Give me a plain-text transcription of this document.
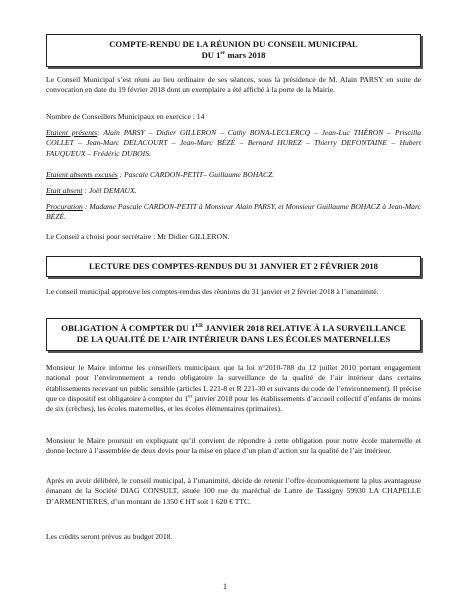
COMPTE-RENDU DE LA RÉUNION DU CONSEIL MUNICIPAL
DU 1er mars 2018
Le Conseil Municipal s’est réuni au lieu ordinaire de ses séances, sous la présidence de M. Alain PARSY en suite de convocation en date du 19 février 2018 dont un exemplaire a été affiché à la porte de la Mairie.
Nombre de Conseillers Municipaux en exercice : 14
Etaient présents: Alain PARSY – Didier GILLERON – Cathy BONA-LECLERCQ – Jean-Luc THÉRON – Priscilla COLLET – Jean-Marc DELACOURT – Jean-Marc BÉZÉ – Bernard HUREZ – Thierry DEFONTAINE – Hubert FAUQUEUX – Frédéric DUBOIS.
Etaient absents excusés : Pascale CARDON-PETIT– Guillaume BOHACZ.
Etait absent : Joël DEMAUX.
Procuration : Madame Pascale CARDON-PETIT à Monsieur Alain PARSY, et Monsieur Guillaume BOHACZ à Jean-Marc BÉZÉ.
Le Conseil a choisi pour secrétaire : Mr Didier GILLERON.
LECTURE DES COMPTES-RENDUS DU 31 JANVIER ET 2 FÉVRIER 2018
Le conseil municipal approuve les comptes-rendus des réunions du 31 janvier et 2 février 2018 à l’unanimité.
OBLIGATION À COMPTER DU 1ER JANVIER 2018 RELATIVE À LA SURVEILLANCE
DE LA QUALITÉ DE L’AIR INTÉRIEUR DANS LES ÉCOLES MATERNELLES
Monsieur le Maire informe les conseillers municipaux que la loi n°2010-788 du 12 juillet 2010 portant engagement national pour l’environnement a rendu obligatoire la surveillance de la qualité de l’air intérieur dans certains établissements recevant un public sensible (articles L 221-8 et R 221-30 et suivants du code de l’environnement). Il précise que ce dispositif est obligatoire à compter du 1er janvier 2018 pour les établissements d’accueil collectif d’enfants de moins de six (crèches), les écoles maternelles, et les écoles élémentaires (primaires).
Monsieur le Maire poursuit en expliquant qu’il convient de répondre à cette obligation pour notre école maternelle et donne lecture à l’assemblée de deux devis pour la mise en place d’un plan d’action sur la qualité de l’air intérieur.
Après en avoir délibéré, le conseil municipal, à l’unanimité, décide de retenir l’offre économiquement la plus avantageuse émanant de la Société DIAG CONSULT, située 100 rue du maréchal de Lattre de Tassigny 59930 LA CHAPELLE D’ARMENTIERES, d’un montant de 1350 € HT soit 1 620 € TTC.
Les crédits seront prévus au budget 2018.
1
